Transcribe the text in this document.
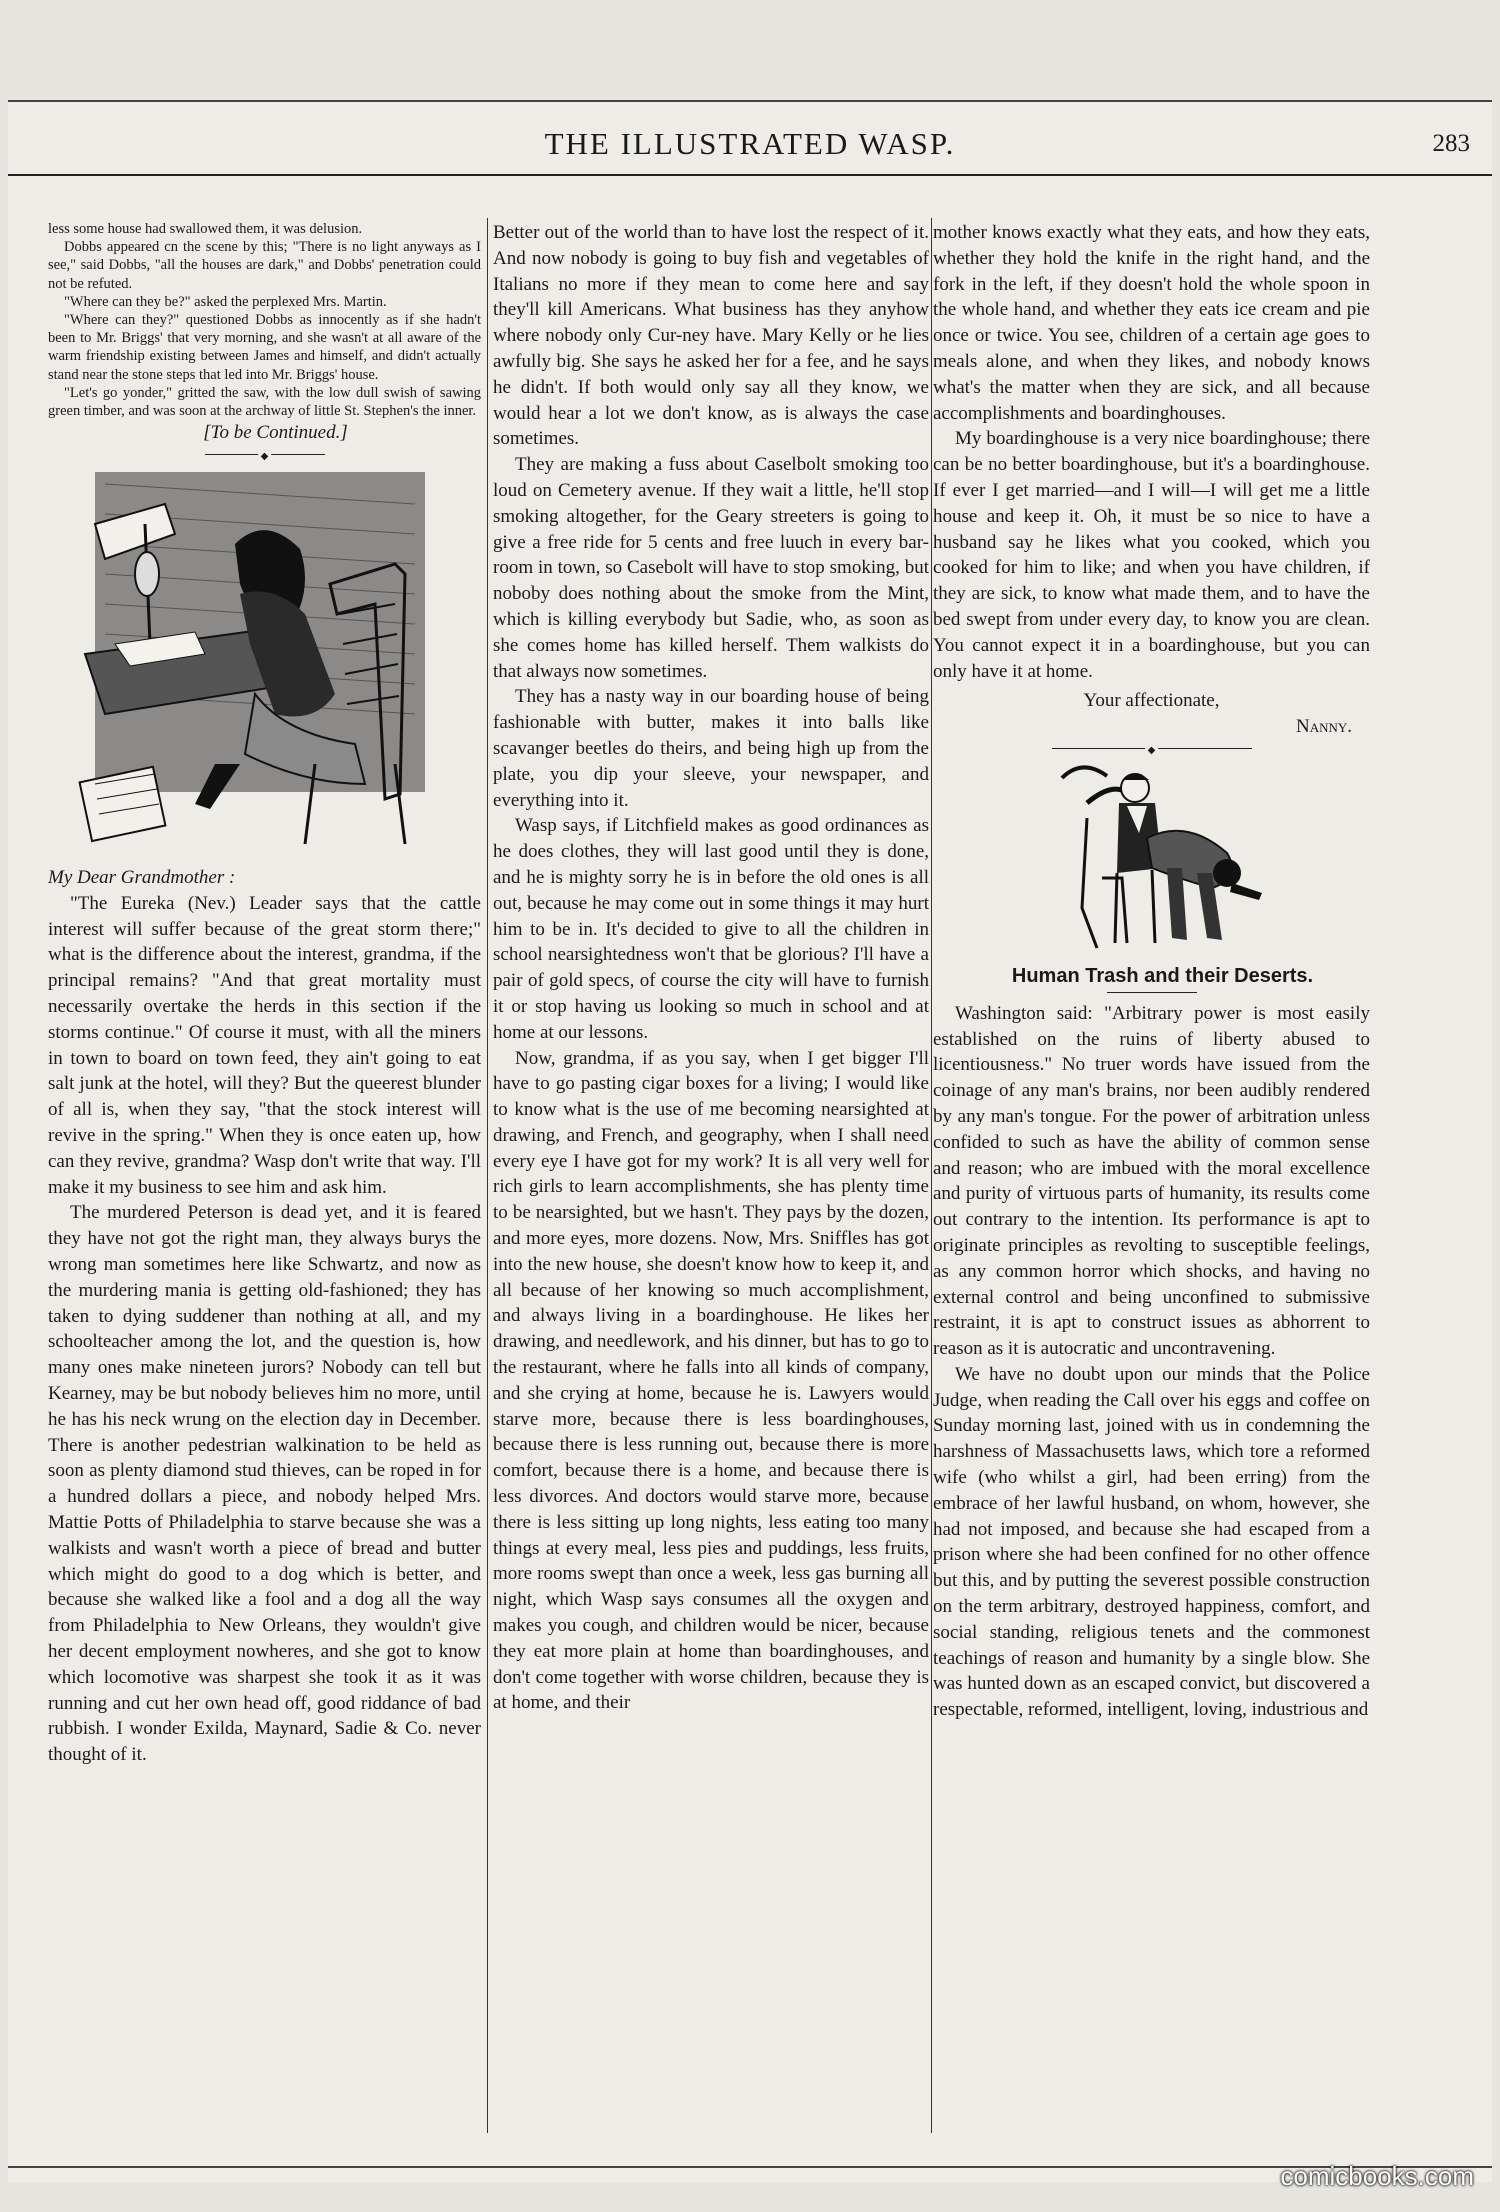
THE ILLUSTRATED WASP.	283

less some house had swallowed them, it was delusion.

Dobbs appeared cn the scene by this; "There is no light anyways as I see," said Dobbs, "all the houses are dark," and Dobbs' penetration could not be refuted.

"Where can they be?" asked the perplexed Mrs. Martin.

"Where can they?" questioned Dobbs as innocently as if she hadn't been to Mr. Briggs' that very morning, and she wasn't at all aware of the warm friendship existing between James and himself, and didn't actually stand near the stone steps that led into Mr. Briggs' house.

"Let's go yonder," gritted the saw, with the low dull swish of sawing green timber, and was soon at the archway of little St. Stephen's the inner.

[To be Continued.]

◆

My Dear Grandmother :

"The Eureka (Nev.) Leader says that the cattle interest will suffer because of the great storm there;" what is the difference about the interest, grandma, if the principal remains? "And that great mortality must necessarily overtake the herds in this section if the storms continue." Of course it must, with all the miners in town to board on town feed, they ain't going to eat salt junk at the hotel, will they? But the queerest blunder of all is, when they say, "that the stock interest will revive in the spring." When they is once eaten up, how can they revive, grandma? Wasp don't write that way. I'll make it my business to see him and ask him.

The murdered Peterson is dead yet, and it is feared they have not got the right man, they always burys the wrong man sometimes here like Schwartz, and now as the murdering mania is getting old-fashioned; they has taken to dying suddener than nothing at all, and my schoolteacher among the lot, and the question is, how many ones make nineteen jurors? Nobody can tell but Kearney, may be but nobody believes him no more, until he has his neck wrung on the election day in December. There is another pedestrian walkination to be held as soon as plenty diamond stud thieves, can be roped in for a hundred dollars a piece, and nobody helped Mrs. Mattie Potts of Philadelphia to starve because she was a walkists and wasn't worth a piece of bread and butter which might do good to a dog which is better, and because she walked like a fool and a dog all the way from Philadelphia to New Orleans, they wouldn't give her decent employment nowheres, and she got to know which locomotive was sharpest she took it as it was running and cut her own head off, good riddance of bad rubbish. I wonder Exilda, Maynard, Sadie & Co. never thought of it.

Better out of the world than to have lost the respect of it. And now nobody is going to buy fish and vegetables of Italians no more if they mean to come here and say they'll kill Americans. What business has they anyhow where nobody only Cur-ney have. Mary Kelly or he lies awfully big. She says he asked her for a fee, and he says he didn't. If both would only say all they know, we would hear a lot we don't know, as is always the case sometimes.

They are making a fuss about Caselbolt smoking too loud on Cemetery avenue. If they wait a little, he'll stop smoking altogether, for the Geary streeters is going to give a free ride for 5 cents and free luuch in every bar-room in town, so Casebolt will have to stop smoking, but noboby does nothing about the smoke from the Mint, which is killing everybody but Sadie, who, as soon as she comes home has killed herself. Them walkists do that always now sometimes.

They has a nasty way in our boarding house of being fashionable with butter, makes it into balls like scavanger beetles do theirs, and being high up from the plate, you dip your sleeve, your newspaper, and everything into it.

Wasp says, if Litchfield makes as good ordinances as he does clothes, they will last good until they is done, and he is mighty sorry he is in before the old ones is all out, because he may come out in some things it may hurt him to be in. It's decided to give to all the children in school nearsightedness won't that be glorious? I'll have a pair of gold specs, of course the city will have to furnish it or stop having us looking so much in school and at home at our lessons.

Now, grandma, if as you say, when I get bigger I'll have to go pasting cigar boxes for a living; I would like to know what is the use of me becoming nearsighted at drawing, and French, and geography, when I shall need every eye I have got for my work? It is all very well for rich girls to learn accomplishments, she has plenty time to be nearsighted, but we hasn't. They pays by the dozen, and more eyes, more dozens. Now, Mrs. Sniffles has got into the new house, she doesn't know how to keep it, and all because of her knowing so much accomplishment, and always living in a boardinghouse. He likes her drawing, and needlework, and his dinner, but has to go to the restaurant, where he falls into all kinds of company, and she crying at home, because he is. Lawyers would starve more, because there is less boardinghouses, because there is less running out, because there is more comfort, because there is a home, and because there is less divorces. And doctors would starve more, because there is less sitting up long nights, less eating too many things at every meal, less pies and puddings, less fruits, more rooms swept than once a week, less gas burning all night, which Wasp says consumes all the oxygen and makes you cough, and children would be nicer, because they eat more plain at home than boardinghouses, and don't come together with worse children, because they is at home, and their

mother knows exactly what they eats, and how they eats, whether they hold the knife in the right hand, and the fork in the left, if they doesn't hold the whole spoon in the whole hand, and whether they eats ice cream and pie once or twice. You see, children of a certain age goes to meals alone, and when they likes, and nobody knows what's the matter when they are sick, and all because accomplishments and boardinghouses.

My boardinghouse is a very nice boardinghouse; there can be no better boardinghouse, but it's a boardinghouse. If ever I get married—and I will—I will get me a little house and keep it. Oh, it must be so nice to have a husband say he likes what you cooked, which you cooked for him to like; and when you have children, if they are sick, to know what made them, and to have the bed swept from under every day, to know you are clean. You cannot expect it in a boardinghouse, but you can only have it at home.

Your affectionate,

Nanny.

◆

Human Trash and their Deserts.

Washington said: "Arbitrary power is most easily established on the ruins of liberty abused to licentiousness." No truer words have issued from the coinage of any man's brains, nor been audibly rendered by any man's tongue. For the power of arbitration unless confided to such as have the ability of common sense and reason; who are imbued with the moral excellence and purity of virtuous parts of humanity, its results come out contrary to the intention. Its performance is apt to originate principles as revolting to susceptible feelings, as any common horror which shocks, and having no external control and being unconfined to submissive restraint, it is apt to construct issues as abhorrent to reason as it is autocratic and uncontravening.

We have no doubt upon our minds that the Police Judge, when reading the Call over his eggs and coffee on Sunday morning last, joined with us in condemning the harshness of Massachusetts laws, which tore a reformed wife (who whilst a girl, had been erring) from the embrace of her lawful husband, on whom, however, she had not imposed, and because she had escaped from a prison where she had been confined for no other offence but this, and by putting the severest possible construction on the term arbitrary, destroyed happiness, comfort, and social standing, religious tenets and the commonest teachings of reason and humanity by a single blow. She was hunted down as an escaped convict, but discovered a respectable, reformed, intelligent, loving, industrious and

comicbooks.com
